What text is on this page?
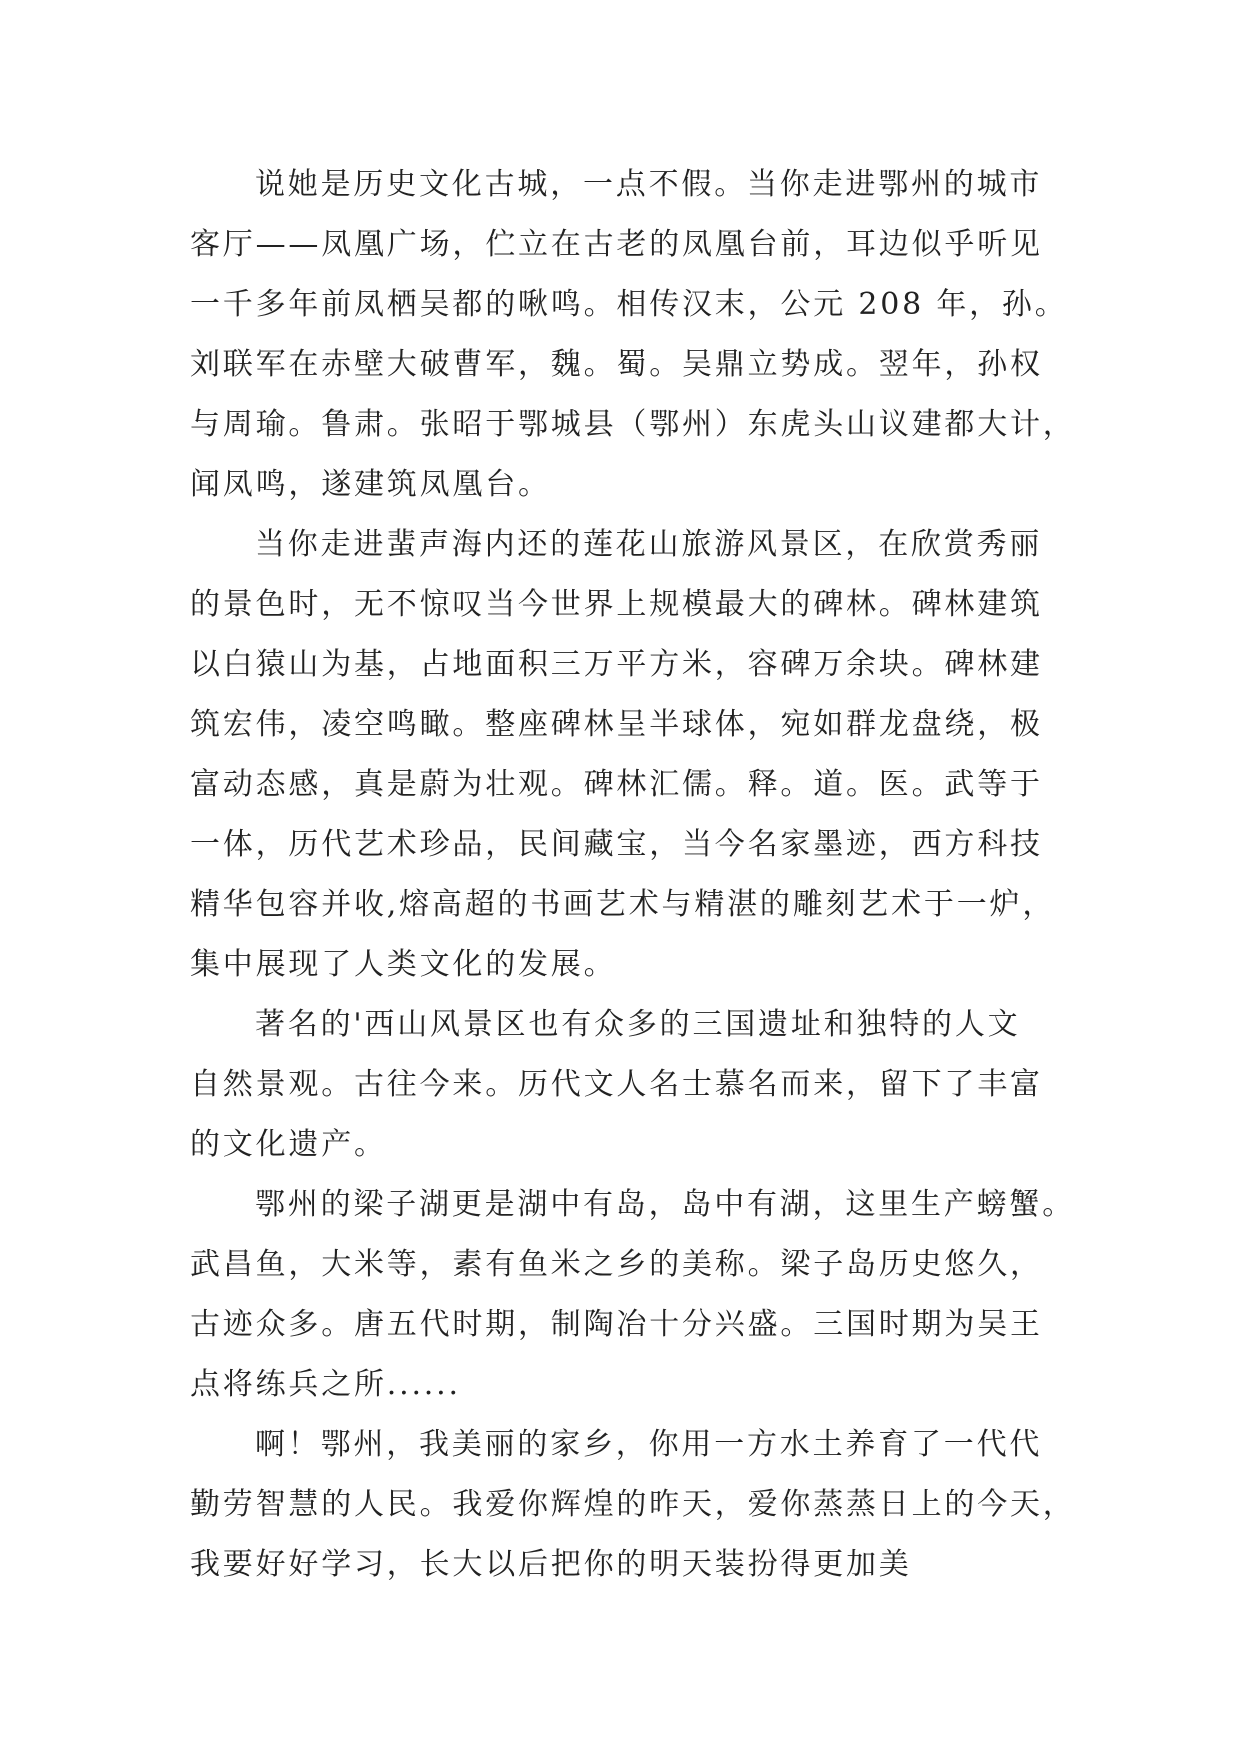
说她是历史文化古城，一点不假。当你走进鄂州的城市
客厅——凤凰广场，伫立在古老的凤凰台前，耳边似乎听见
一千多年前凤栖吴都的啾鸣。相传汉末，公元 208 年，孙。
刘联军在赤壁大破曹军，魏。蜀。吴鼎立势成。翌年，孙权
与周瑜。鲁肃。张昭于鄂城县（鄂州）东虎头山议建都大计，
闻凤鸣，遂建筑凤凰台。
当你走进蜚声海内还的莲花山旅游风景区，在欣赏秀丽
的景色时，无不惊叹当今世界上规模最大的碑林。碑林建筑
以白猿山为基，占地面积三万平方米，容碑万余块。碑林建
筑宏伟，凌空鸣瞰。整座碑林呈半球体，宛如群龙盘绕，极
富动态感，真是蔚为壮观。碑林汇儒。释。道。医。武等于
一体，历代艺术珍品，民间藏宝，当今名家墨迹，西方科技
精华包容并收,熔高超的书画艺术与精湛的雕刻艺术于一炉，
集中展现了人类文化的发展。
著名的'西山风景区也有众多的三国遗址和独特的人文
自然景观。古往今来。历代文人名士慕名而来，留下了丰富
的文化遗产。
鄂州的梁子湖更是湖中有岛，岛中有湖，这里生产螃蟹。
武昌鱼，大米等，素有鱼米之乡的美称。梁子岛历史悠久，
古迹众多。唐五代时期，制陶冶十分兴盛。三国时期为吴王
点将练兵之所......
啊！鄂州，我美丽的家乡，你用一方水土养育了一代代
勤劳智慧的人民。我爱你辉煌的昨天，爱你蒸蒸日上的今天，
我要好好学习，长大以后把你的明天装扮得更加美
